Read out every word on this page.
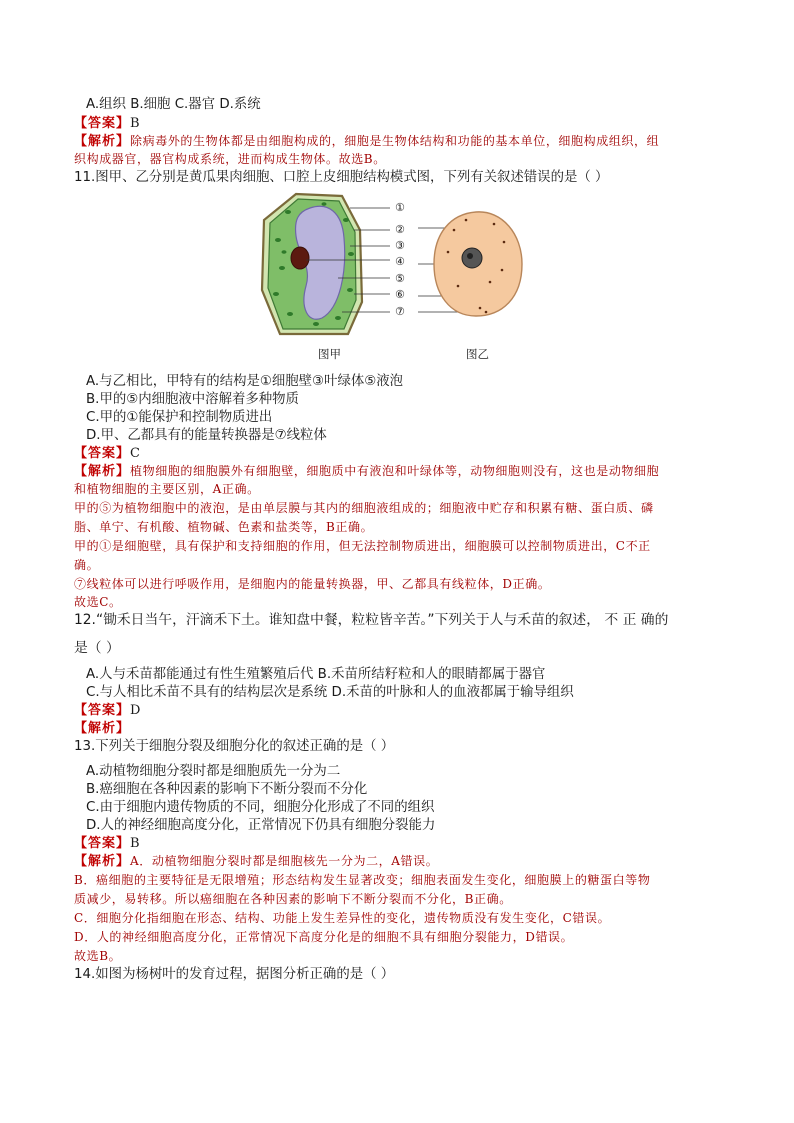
A.组织 B.细胞 C.器官 D.系统
【答案】B
【解析】除病毒外的生物体都是由细胞构成的，细胞是生物体结构和功能的基本单位，细胞构成组织，组
织构成器官，器官构成系统，进而构成生物体。故选B。
11.图甲、乙分别是黄瓜果肉细胞、口腔上皮细胞结构模式图，下列有关叙述错误的是（ ）
①
②
③
④
⑤
⑥
⑦
图甲	图乙
A.与乙相比，甲特有的结构是①细胞壁③叶绿体⑤液泡
B.甲的⑤内细胞液中溶解着多种物质
C.甲的①能保护和控制物质进出
D.甲、乙都具有的能量转换器是⑦线粒体
【答案】C
【解析】植物细胞的细胞膜外有细胞壁，细胞质中有液泡和叶绿体等，动物细胞则没有，这也是动物细胞
和植物细胞的主要区别，A正确。
甲的⑤为植物细胞中的液泡，是由单层膜与其内的细胞液组成的；细胞液中贮存和积累有糖、蛋白质、磷
脂、单宁、有机酸、植物碱、色素和盐类等，B正确。
甲的①是细胞壁，具有保护和支持细胞的作用，但无法控制物质进出，细胞膜可以控制物质进出，C不正
确。
⑦线粒体可以进行呼吸作用，是细胞内的能量转换器，甲、乙都具有线粒体，D正确。
故选C。
12.“锄禾日当午，汗滴禾下土。谁知盘中餐，粒粒皆辛苦。”下列关于人与禾苗的叙述， 不 正 确的
是（ ）
A.人与禾苗都能通过有性生殖繁殖后代 B.禾苗所结籽粒和人的眼睛都属于器官
C.与人相比禾苗不具有的结构层次是系统 D.禾苗的叶脉和人的血液都属于输导组织
【答案】D
【解析】
13.下列关于细胞分裂及细胞分化的叙述正确的是（ ）
A.动植物细胞分裂时都是细胞质先一分为二
B.癌细胞在各种因素的影响下不断分裂而不分化
C.由于细胞内遗传物质的不同，细胞分化形成了不同的组织
D.人的神经细胞高度分化，正常情况下仍具有细胞分裂能力
【答案】B
【解析】A．动植物细胞分裂时都是细胞核先一分为二，A错误。
B．癌细胞的主要特征是无限增殖；形态结构发生显著改变；细胞表面发生变化，细胞膜上的糖蛋白等物
质减少，易转移。所以癌细胞在各种因素的影响下不断分裂而不分化，B正确。
C．细胞分化指细胞在形态、结构、功能上发生差异性的变化，遗传物质没有发生变化，C错误。
D．人的神经细胞高度分化，正常情况下高度分化是的细胞不具有细胞分裂能力，D错误。
故选B。
14.如图为杨树叶的发育过程，据图分析正确的是（ ）
